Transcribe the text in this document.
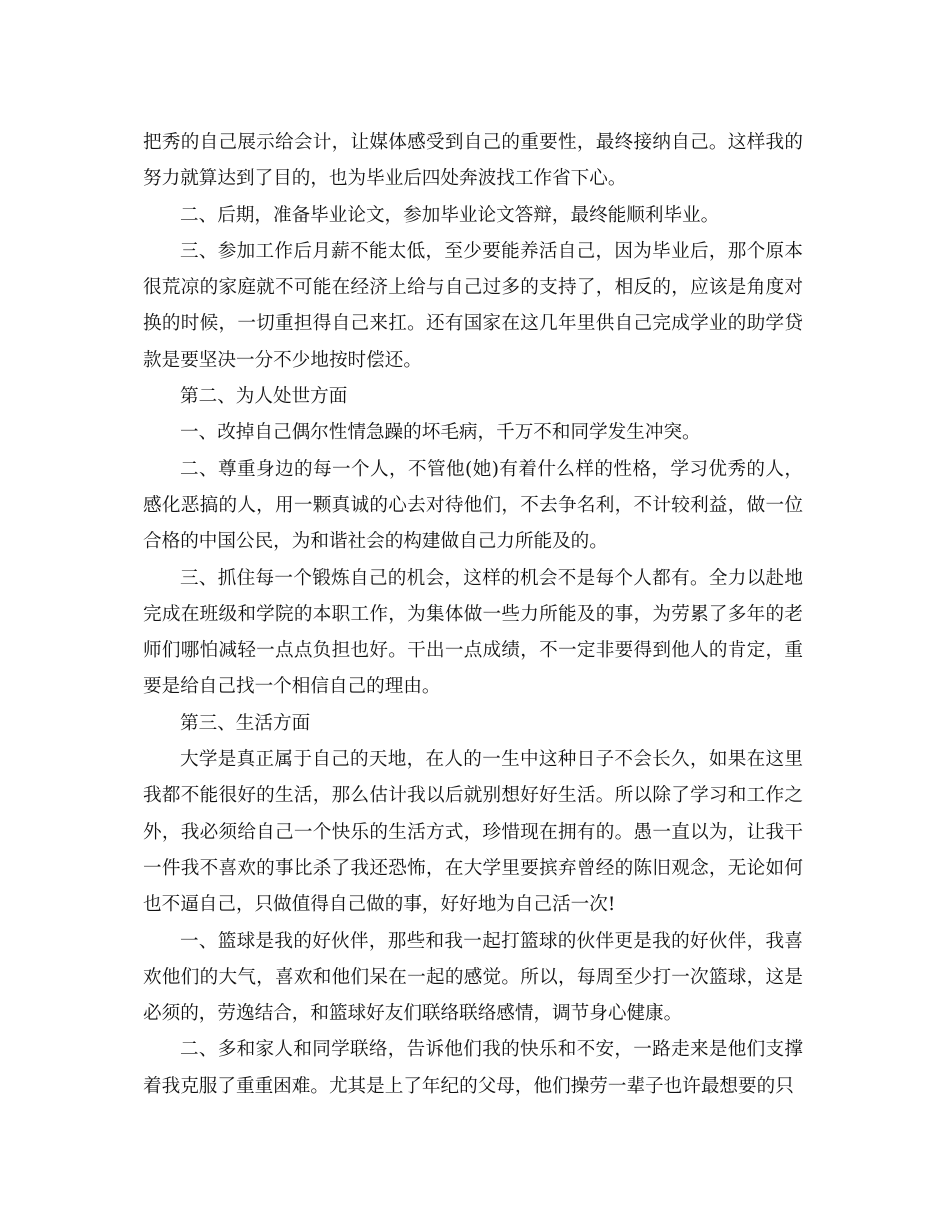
把秀的自己展示给会计，让媒体感受到自己的重要性，最终接纳自己。这样我的努力就算达到了目的，也为毕业后四处奔波找工作省下心。

二、后期，准备毕业论文，参加毕业论文答辩，最终能顺利毕业。

三、参加工作后月薪不能太低，至少要能养活自己，因为毕业后，那个原本很荒凉的家庭就不可能在经济上给与自己过多的支持了，相反的，应该是角度对换的时候，一切重担得自己来扛。还有国家在这几年里供自己完成学业的助学贷款是要坚决一分不少地按时偿还。

第二、为人处世方面

一、改掉自己偶尔性情急躁的坏毛病，千万不和同学发生冲突。

二、尊重身边的每一个人，不管他(她)有着什么样的性格，学习优秀的人，感化恶搞的人，用一颗真诚的心去对待他们，不去争名利，不计较利益，做一位合格的中国公民，为和谐社会的构建做自己力所能及的。

三、抓住每一个锻炼自己的机会，这样的机会不是每个人都有。全力以赴地完成在班级和学院的本职工作，为集体做一些力所能及的事，为劳累了多年的老师们哪怕减轻一点点负担也好。干出一点成绩，不一定非要得到他人的肯定，重要是给自己找一个相信自己的理由。

第三、生活方面

大学是真正属于自己的天地，在人的一生中这种日子不会长久，如果在这里我都不能很好的生活，那么估计我以后就别想好好生活。所以除了学习和工作之外，我必须给自己一个快乐的生活方式，珍惜现在拥有的。愚一直以为，让我干一件我不喜欢的事比杀了我还恐怖，在大学里要摈弃曾经的陈旧观念，无论如何也不逼自己，只做值得自己做的事，好好地为自己活一次!

一、篮球是我的好伙伴，那些和我一起打篮球的伙伴更是我的好伙伴，我喜欢他们的大气，喜欢和他们呆在一起的感觉。所以，每周至少打一次篮球，这是必须的，劳逸结合，和篮球好友们联络联络感情，调节身心健康。

二、多和家人和同学联络，告诉他们我的快乐和不安，一路走来是他们支撑着我克服了重重困难。尤其是上了年纪的父母，他们操劳一辈子也许最想要的只
